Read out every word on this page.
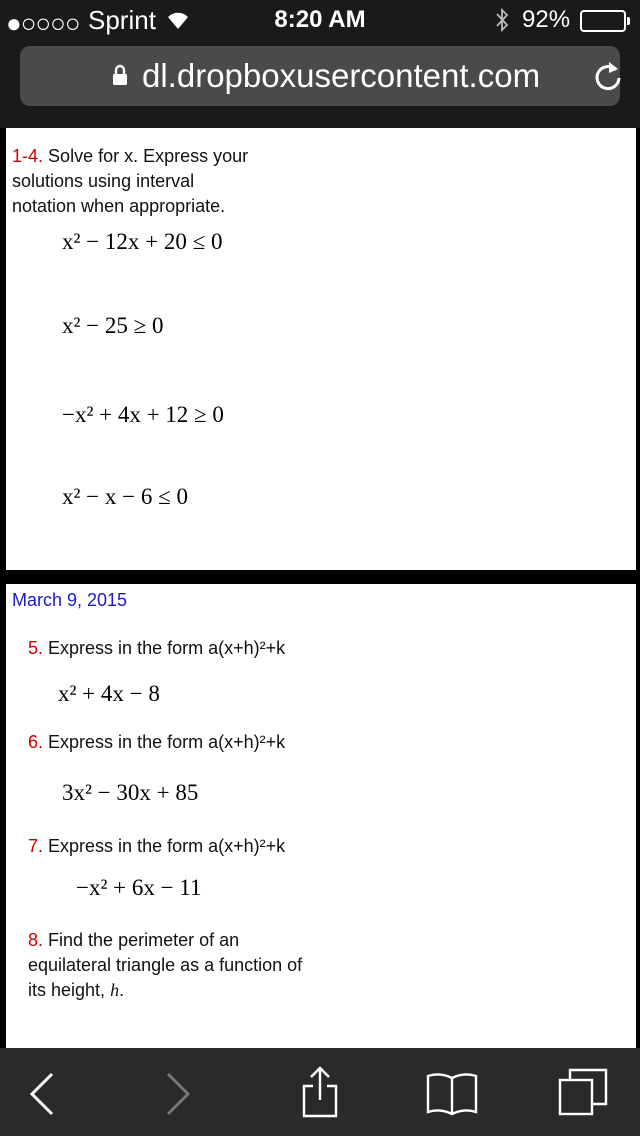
●○○○○ Sprint	8:20 AM	92%
dl.dropboxusercontent.com
1-4. Solve for x. Express your
solutions using interval
notation when appropriate.
x² − 12x + 20 ≤ 0
x² − 25 ≥ 0
−x² + 4x + 12 ≥ 0
x² − x − 6 ≤ 0
March 9, 2015
5. Express in the form a(x+h)²+k
x² + 4x − 8
6. Express in the form a(x+h)²+k
3x² − 30x + 85
7. Express in the form a(x+h)²+k
−x² + 6x − 11
8. Find the perimeter of an
equilateral triangle as a function of
its height, h.
